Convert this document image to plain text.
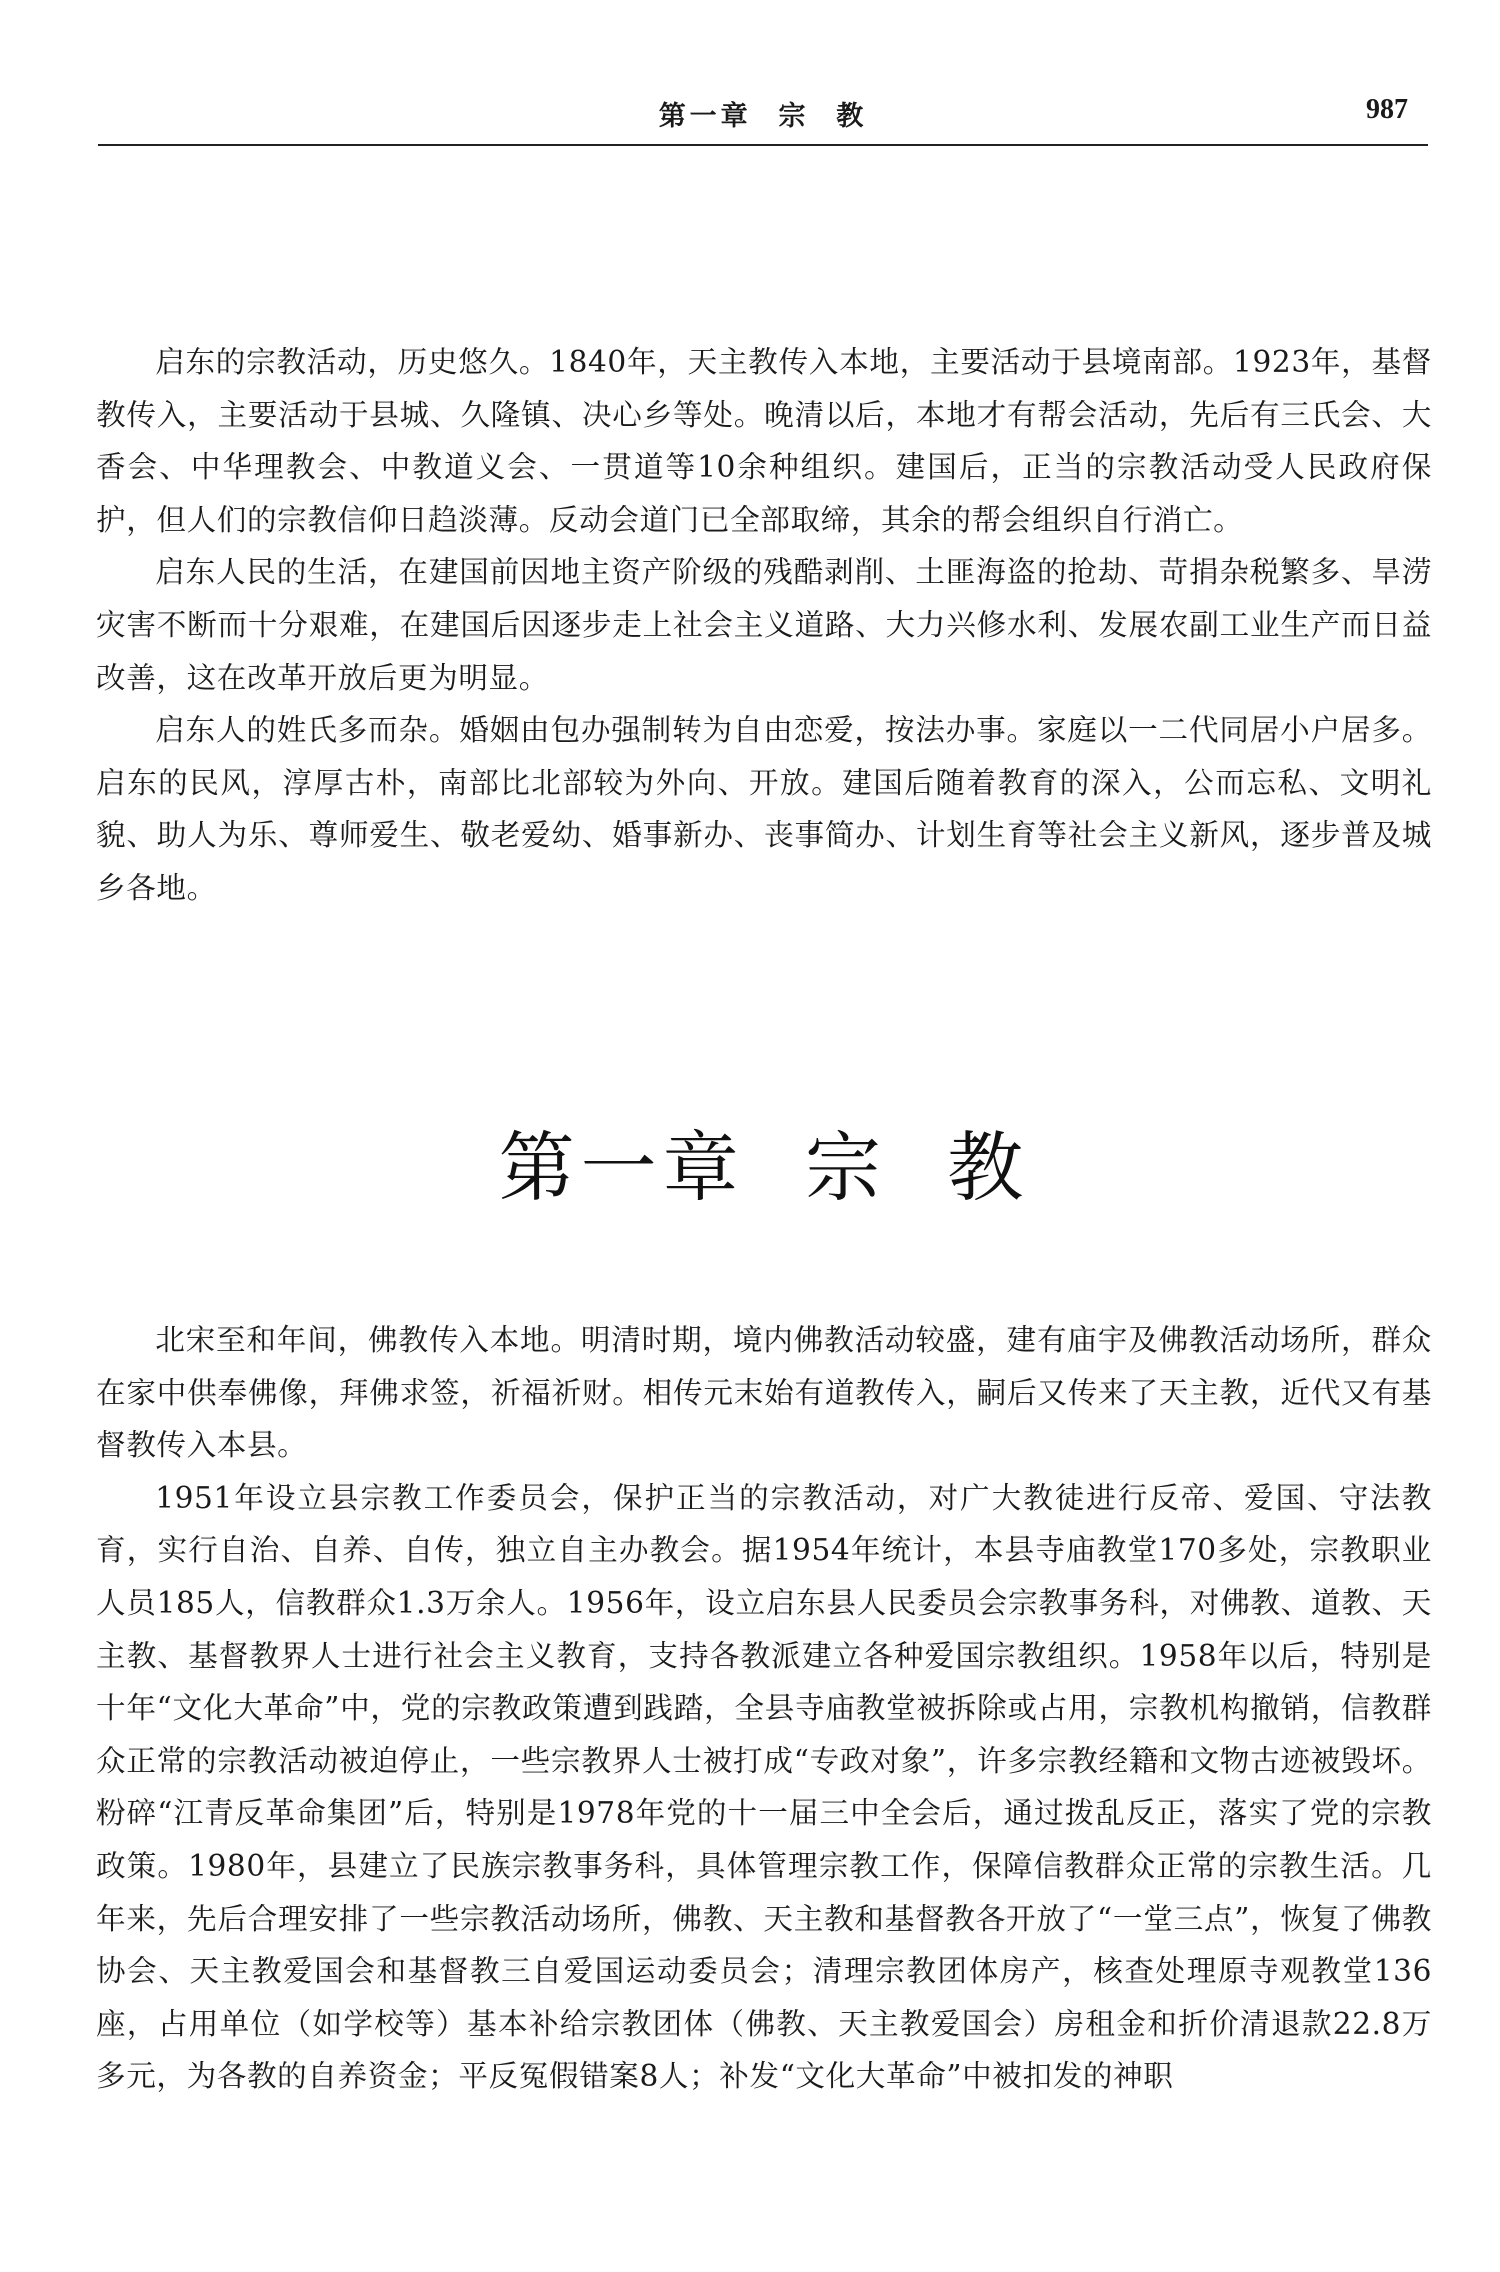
第一章  宗  教	987

启东的宗教活动，历史悠久。1840年，天主教传入本地，主要活动于县境南部。1923年，基督教传入，主要活动于县城、久隆镇、决心乡等处。晚清以后，本地才有帮会活动，先后有三氏会、大香会、中华理教会、中教道义会、一贯道等10余种组织。建国后，正当的宗教活动受人民政府保护，但人们的宗教信仰日趋淡薄。反动会道门已全部取缔，其余的帮会组织自行消亡。

启东人民的生活，在建国前因地主资产阶级的残酷剥削、土匪海盗的抢劫、苛捐杂税繁多、旱涝灾害不断而十分艰难，在建国后因逐步走上社会主义道路、大力兴修水利、发展农副工业生产而日益改善，这在改革开放后更为明显。

启东人的姓氏多而杂。婚姻由包办强制转为自由恋爱，按法办事。家庭以一二代同居小户居多。启东的民风，淳厚古朴，南部比北部较为外向、开放。建国后随着教育的深入，公而忘私、文明礼貌、助人为乐、尊师爱生、敬老爱幼、婚事新办、丧事简办、计划生育等社会主义新风，逐步普及城乡各地。

第一章  宗  教

北宋至和年间，佛教传入本地。明清时期，境内佛教活动较盛，建有庙宇及佛教活动场所，群众在家中供奉佛像，拜佛求签，祈福祈财。相传元末始有道教传入，嗣后又传来了天主教，近代又有基督教传入本县。

1951年设立县宗教工作委员会，保护正当的宗教活动，对广大教徒进行反帝、爱国、守法教育，实行自治、自养、自传，独立自主办教会。据1954年统计，本县寺庙教堂170多处，宗教职业人员185人，信教群众1.3万余人。1956年，设立启东县人民委员会宗教事务科，对佛教、道教、天主教、基督教界人士进行社会主义教育，支持各教派建立各种爱国宗教组织。1958年以后，特别是十年“文化大革命”中，党的宗教政策遭到践踏，全县寺庙教堂被拆除或占用，宗教机构撤销，信教群众正常的宗教活动被迫停止，一些宗教界人士被打成“专政对象”，许多宗教经籍和文物古迹被毁坏。粉碎“江青反革命集团”后，特别是1978年党的十一届三中全会后，通过拨乱反正，落实了党的宗教政策。1980年，县建立了民族宗教事务科，具体管理宗教工作，保障信教群众正常的宗教生活。几年来，先后合理安排了一些宗教活动场所，佛教、天主教和基督教各开放了“一堂三点”，恢复了佛教协会、天主教爱国会和基督教三自爱国运动委员会；清理宗教团体房产，核查处理原寺观教堂136座，占用单位（如学校等）基本补给宗教团体（佛教、天主教爱国会）房租金和折价清退款22.8万多元，为各教的自养资金；平反冤假错案8人；补发“文化大革命”中被扣发的神职
